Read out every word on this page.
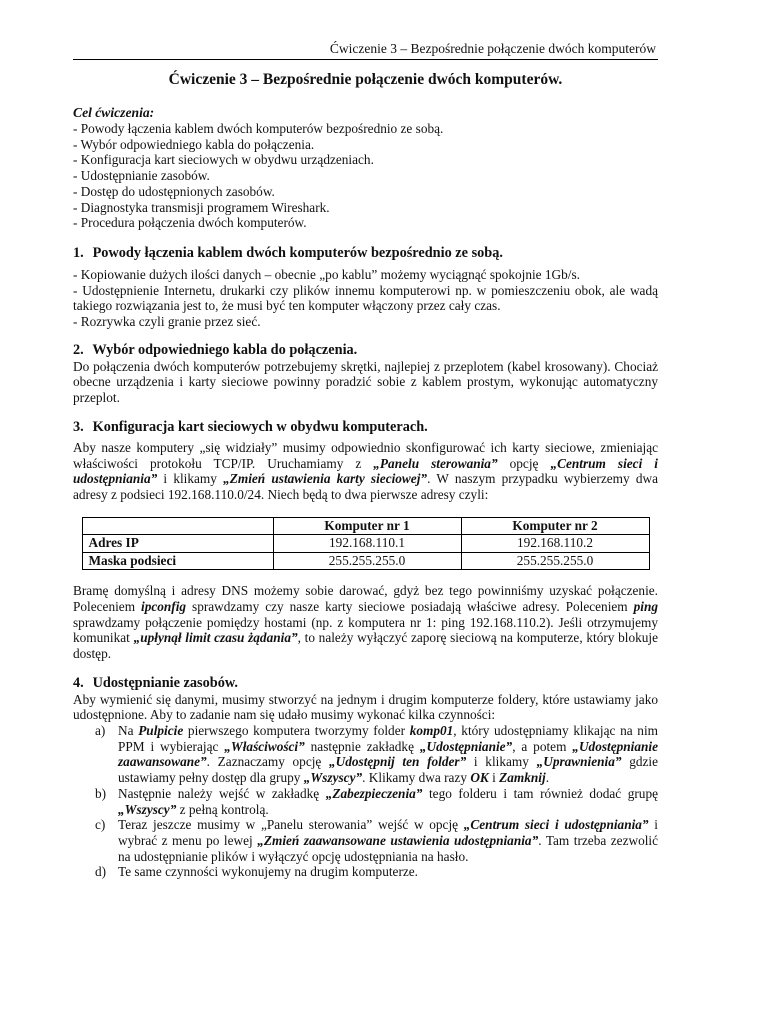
Ćwiczenie 3 – Bezpośrednie połączenie dwóch komputerów
Ćwiczenie 3 – Bezpośrednie połączenie dwóch komputerów.
Cel ćwiczenia:

- Powody łączenia kablem dwóch komputerów bezpośrednio ze sobą.

- Wybór odpowiedniego kabla do połączenia.

- Konfiguracja kart sieciowych w obydwu urządzeniach.

- Udostępnianie zasobów.

- Dostęp do udostępnionych zasobów.

- Diagnostyka transmisji programem Wireshark.

- Procedura połączenia dwóch komputerów.

1. Powody łączenia kablem dwóch komputerów bezpośrednio ze sobą.

- Kopiowanie dużych ilości danych – obecnie „po kablu” możemy wyciągnąć spokojnie 1Gb/s.

- Udostępnienie Internetu, drukarki czy plików innemu komputerowi np. w pomieszczeniu obok, ale wadą takiego rozwiązania jest to, że musi być ten komputer włączony przez cały czas.

- Rozrywka czyli granie przez sieć.

2. Wybór odpowiedniego kabla do połączenia.

Do połączenia dwóch komputerów potrzebujemy skrętki, najlepiej z przeplotem (kabel krosowany). Chociaż obecne urządzenia i karty sieciowe powinny poradzić sobie z kablem prostym, wykonując automatyczny przeplot.

3. Konfiguracja kart sieciowych w obydwu komputerach.

Aby nasze komputery „się widziały” musimy odpowiednio skonfigurować ich karty sieciowe, zmieniając właściwości protokołu TCP/IP. Uruchamiamy z „Panelu sterowania” opcję „Centrum sieci i udostępniania” i klikamy „Zmień ustawienia karty sieciowej”. W naszym przypadku wybierzemy dwa adresy z podsieci 192.168.110.0/24. Niech będą to dwa pierwsze adresy czyli:

	Komputer nr 1	Komputer nr 2
Adres IP	192.168.110.1	192.168.110.2
Maska podsieci	255.255.255.0	255.255.255.0

Bramę domyślną i adresy DNS możemy sobie darować, gdyż bez tego powinniśmy uzyskać połączenie. Poleceniem ipconfig sprawdzamy czy nasze karty sieciowe posiadają właściwe adresy. Poleceniem ping sprawdzamy połączenie pomiędzy hostami (np. z komputera nr 1: ping 192.168.110.2). Jeśli otrzymujemy komunikat „upłynął limit czasu żądania”, to należy wyłączyć zaporę sieciową na komputerze, który blokuje dostęp.

4. Udostępnianie zasobów.

Aby wymienić się danymi, musimy stworzyć na jednym i drugim komputerze foldery, które ustawiamy jako udostępnione. Aby to zadanie nam się udało musimy wykonać kilka czynności:

a) Na Pulpicie pierwszego komputera tworzymy folder komp01, który udostępniamy klikając na nim PPM i wybierając „Właściwości” następnie zakładkę „Udostępnianie”, a potem „Udostępnianie zaawansowane”. Zaznaczamy opcję „Udostępnij ten folder” i klikamy „Uprawnienia” gdzie ustawiamy pełny dostęp dla grupy „Wszyscy”. Klikamy dwa razy OK i Zamknij.
b) Następnie należy wejść w zakładkę „Zabezpieczenia” tego folderu i tam również dodać grupę „Wszyscy” z pełną kontrolą.
c) Teraz jeszcze musimy w „Panelu sterowania” wejść w opcję „Centrum sieci i udostępniania” i wybrać z menu po lewej „Zmień zaawansowane ustawienia udostępniania”. Tam trzeba zezwolić na udostępnianie plików i wyłączyć opcję udostępniania na hasło.
d) Te same czynności wykonujemy na drugim komputerze.
